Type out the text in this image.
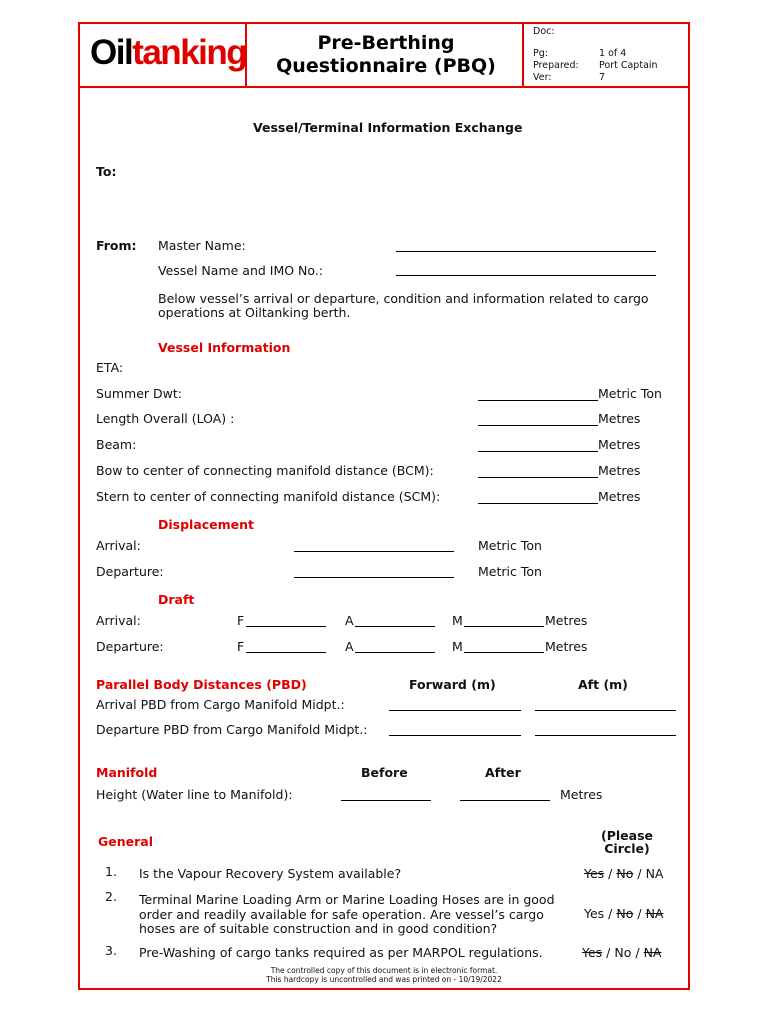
Oiltanking	Pre-Berthing
Questionnaire (PBQ)
Doc:
Pg:	1 of 4
Prepared: Port Captain
Ver:	7
Vessel/Terminal Information Exchange
To:
From: Master Name:
Vessel Name and IMO No.:
Below vessel’s arrival or departure, condition and information related to cargo
operations at Oiltanking berth.
Vessel Information
ETA:
Summer Dwt:	Metric Ton
Length Overall (LOA) :	Metres
Beam:	Metres
Bow to center of connecting manifold distance (BCM):	Metres
Stern to center of connecting manifold distance (SCM):	Metres
Displacement
Arrival:	Metric Ton
Departure:	Metric Ton
Draft
Arrival:	F	A	M	Metres
Departure:	F	A	M	Metres
Parallel Body Distances (PBD)	Forward (m)	Aft (m)
Arrival PBD from Cargo Manifold Midpt.:
Departure PBD from Cargo Manifold Midpt.:
Manifold	Before	After
Height (Water line to Manifold):	Metres
General	(Please
Circle)
1. Is the Vapour Recovery System available?	Yes / No / NA
2. Terminal Marine Loading Arm or Marine Loading Hoses are in good order and readily available for safe operation. Are vessel’s cargo hoses are of suitable construction and in good condition?
Yes / No / NA
3. Pre-Washing of cargo tanks required as per MARPOL regulations.	Yes / No / NA
The controlled copy of this document is in electronic format.
This hardcopy is uncontrolled and was printed on - 10/19/2022
